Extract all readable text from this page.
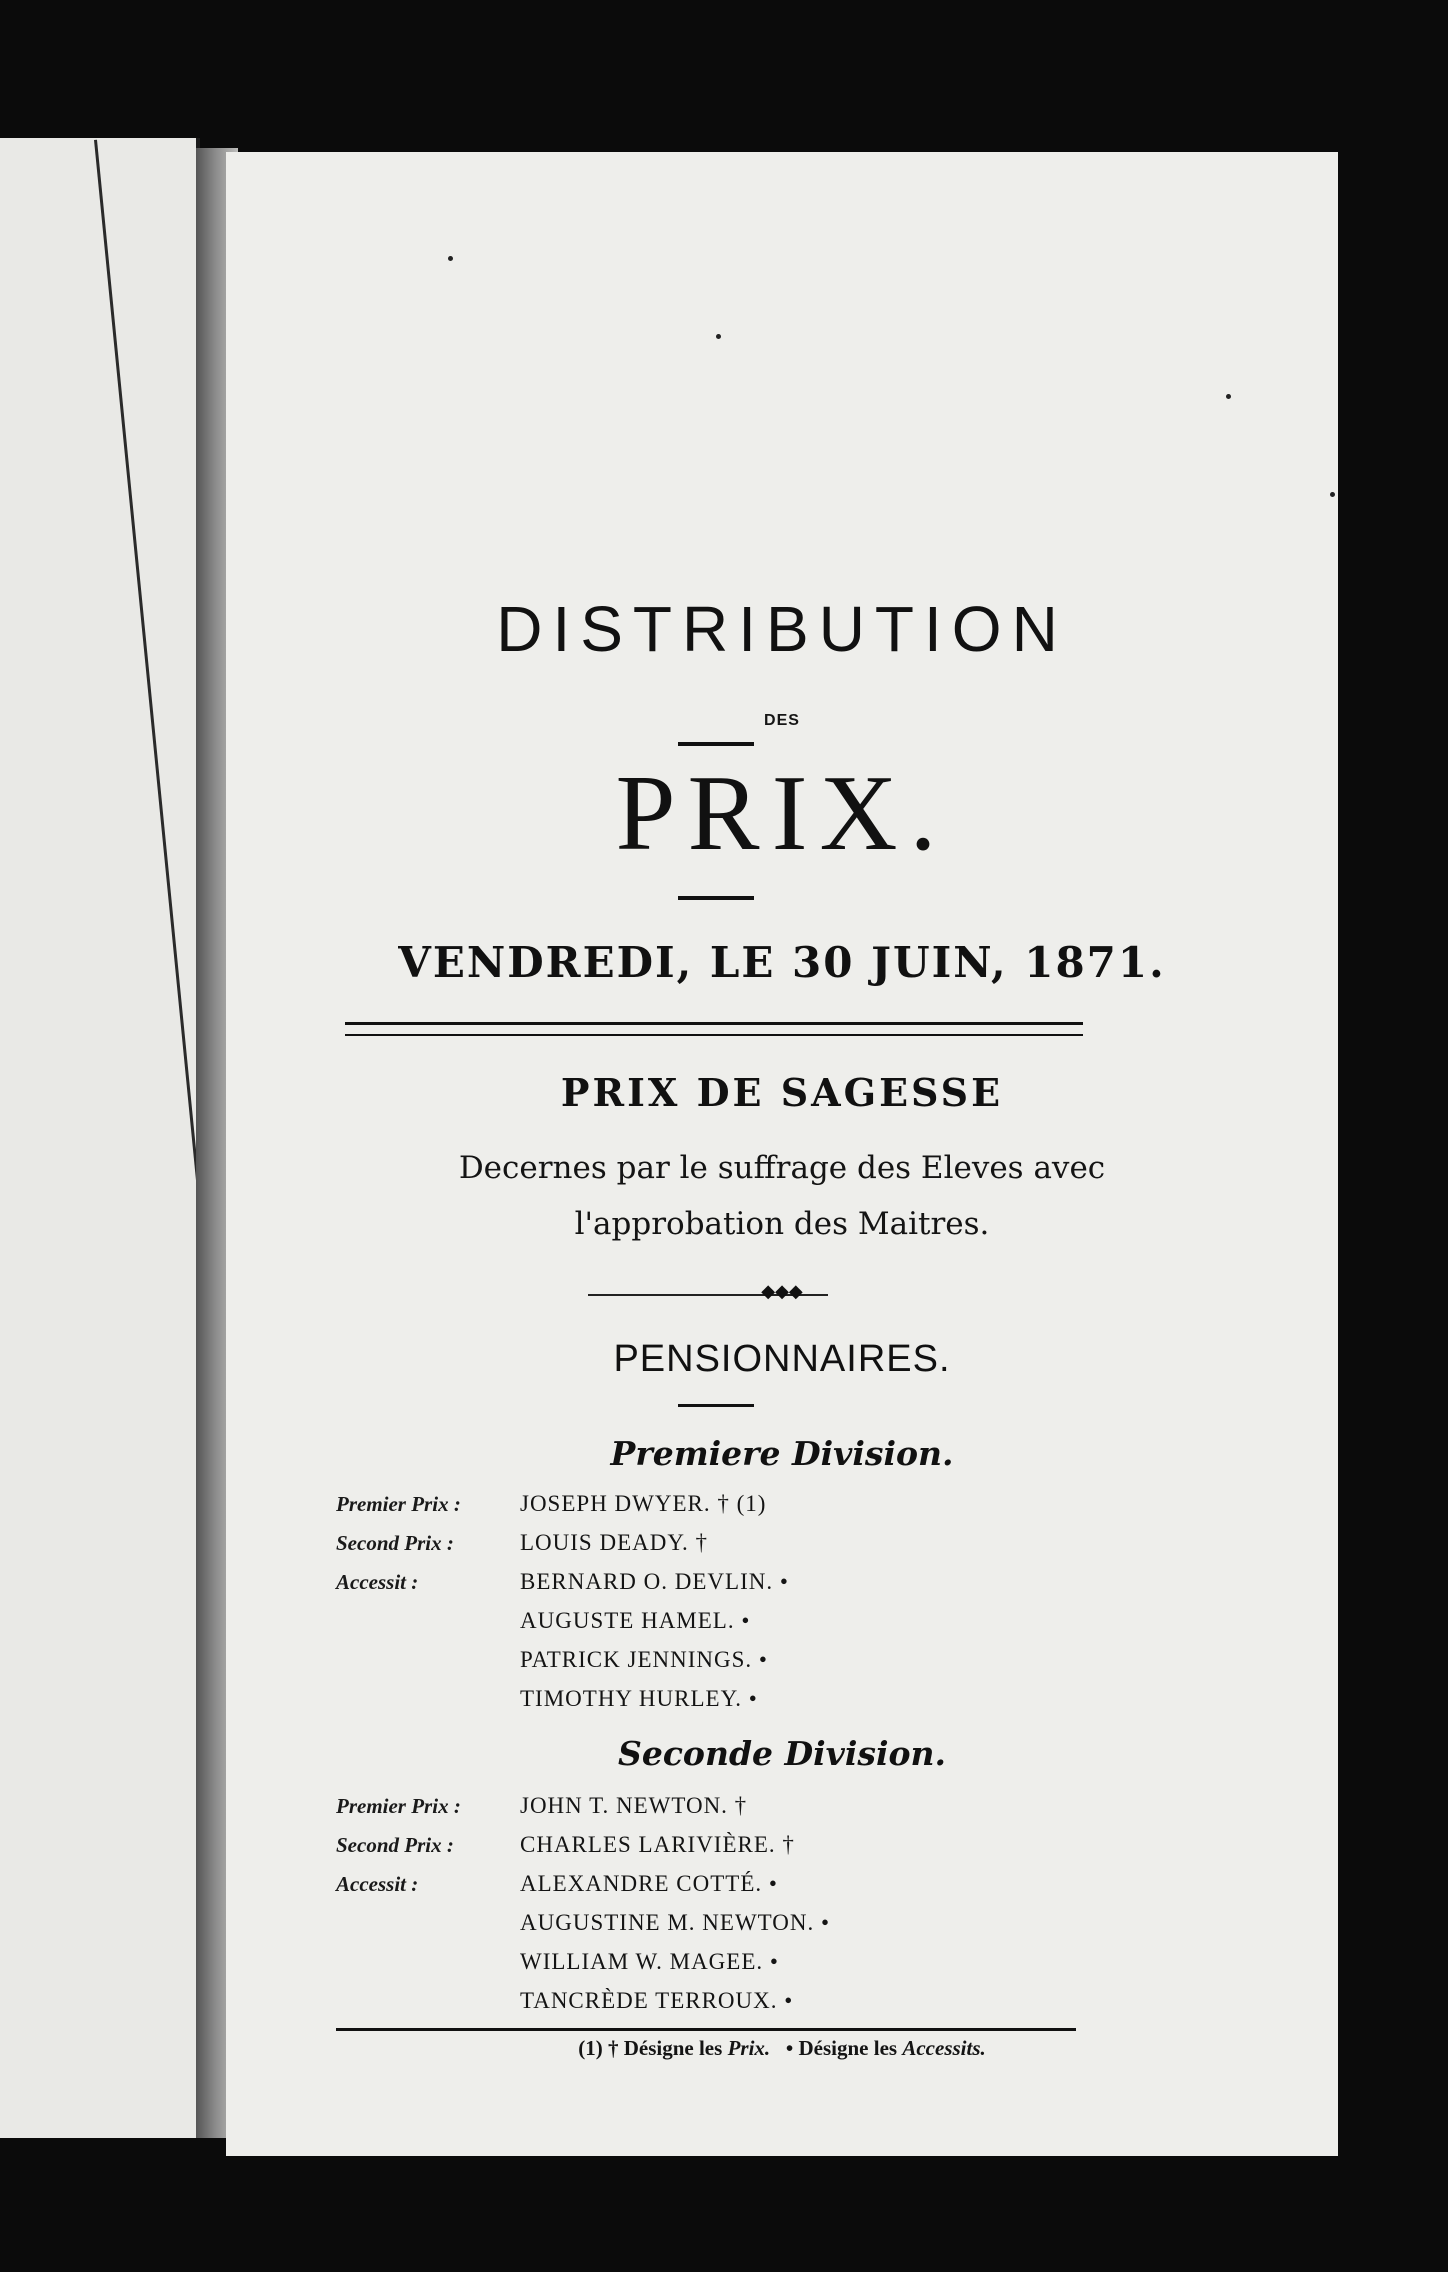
DISTRIBUTION
DES
PRIX.
VENDREDI, LE 30 JUIN, 1871.
PRIX DE SAGESSE
Decernes par le suffrage des Eleves avec
l'approbation des Maitres.
◆◆◆
PENSIONNAIRES.
Premiere Division.
Premier Prix :	JOSEPH DWYER. † (1)
Second Prix :	LOUIS DEADY. †
Accessit :	BERNARD O. DEVLIN. •
AUGUSTE HAMEL. •
PATRICK JENNINGS. •
TIMOTHY HURLEY. •
Seconde Division.
Premier Prix :	JOHN T. NEWTON. †
Second Prix :	CHARLES LARIVIÈRE. †
Accessit :	ALEXANDRE COTTÉ. •
AUGUSTINE M. NEWTON. •
WILLIAM W. MAGEE. •
TANCRÈDE TERROUX. •
(1) † Désigne les Prix. • Désigne les Accessits.
